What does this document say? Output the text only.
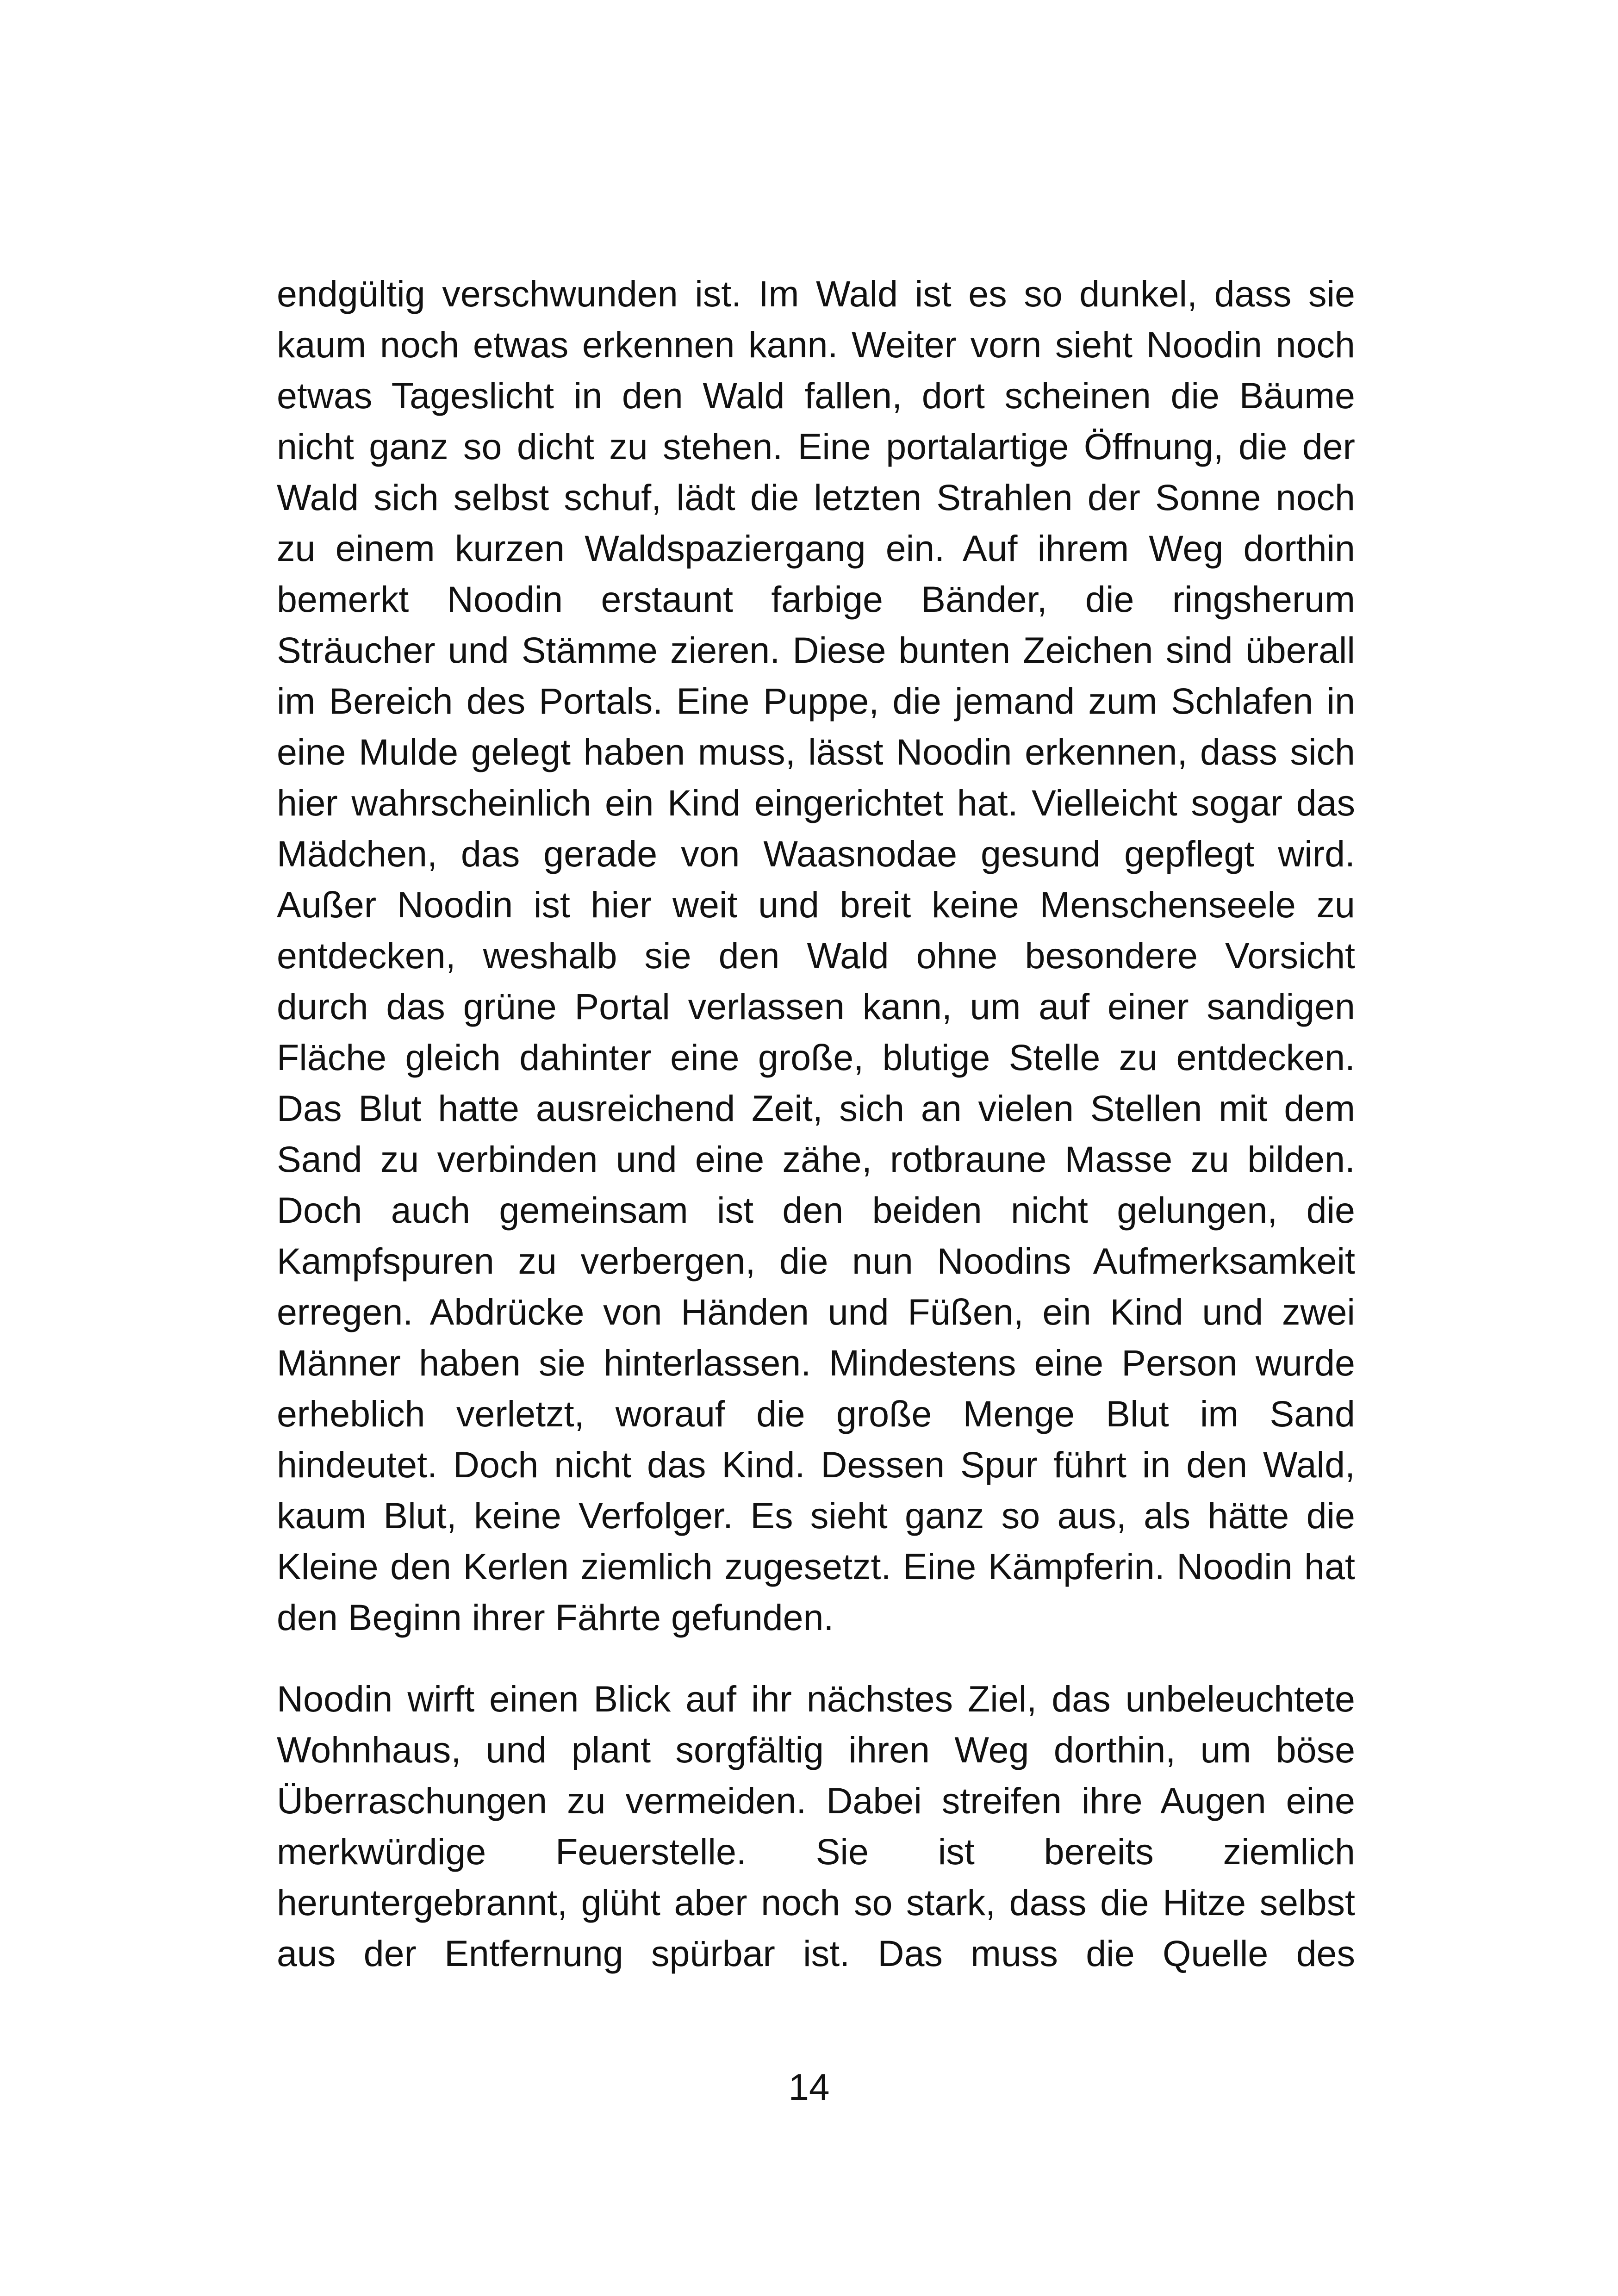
endgültig verschwunden ist. Im Wald ist es so dunkel, dass sie
kaum noch etwas erkennen kann. Weiter vorn sieht Noodin noch
etwas Tageslicht in den Wald fallen, dort scheinen die Bäume
nicht ganz so dicht zu stehen. Eine portalartige Öffnung, die der
Wald sich selbst schuf, lädt die letzten Strahlen der Sonne noch
zu einem kurzen Waldspaziergang ein. Auf ihrem Weg dorthin
bemerkt Noodin erstaunt farbige Bänder, die ringsherum
Sträucher und Stämme zieren. Diese bunten Zeichen sind überall
im Bereich des Portals. Eine Puppe, die jemand zum Schlafen in
eine Mulde gelegt haben muss, lässt Noodin erkennen, dass sich
hier wahrscheinlich ein Kind eingerichtet hat. Vielleicht sogar das
Mädchen, das gerade von Waasnodae gesund gepflegt wird.
Außer Noodin ist hier weit und breit keine Menschenseele zu
entdecken, weshalb sie den Wald ohne besondere Vorsicht
durch das grüne Portal verlassen kann, um auf einer sandigen
Fläche gleich dahinter eine große, blutige Stelle zu entdecken.
Das Blut hatte ausreichend Zeit, sich an vielen Stellen mit dem
Sand zu verbinden und eine zähe, rotbraune Masse zu bilden.
Doch auch gemeinsam ist den beiden nicht gelungen, die
Kampfspuren zu verbergen, die nun Noodins Aufmerksamkeit
erregen. Abdrücke von Händen und Füßen, ein Kind und zwei
Männer haben sie hinterlassen. Mindestens eine Person wurde
erheblich verletzt, worauf die große Menge Blut im Sand
hindeutet. Doch nicht das Kind. Dessen Spur führt in den Wald,
kaum Blut, keine Verfolger. Es sieht ganz so aus, als hätte die
Kleine den Kerlen ziemlich zugesetzt. Eine Kämpferin. Noodin hat
den Beginn ihrer Fährte gefunden.
Noodin wirft einen Blick auf ihr nächstes Ziel, das unbeleuchtete
Wohnhaus, und plant sorgfältig ihren Weg dorthin, um böse
Überraschungen zu vermeiden. Dabei streifen ihre Augen eine
merkwürdige Feuerstelle. Sie ist bereits ziemlich
heruntergebrannt, glüht aber noch so stark, dass die Hitze selbst
aus der Entfernung spürbar ist. Das muss die Quelle des
14
